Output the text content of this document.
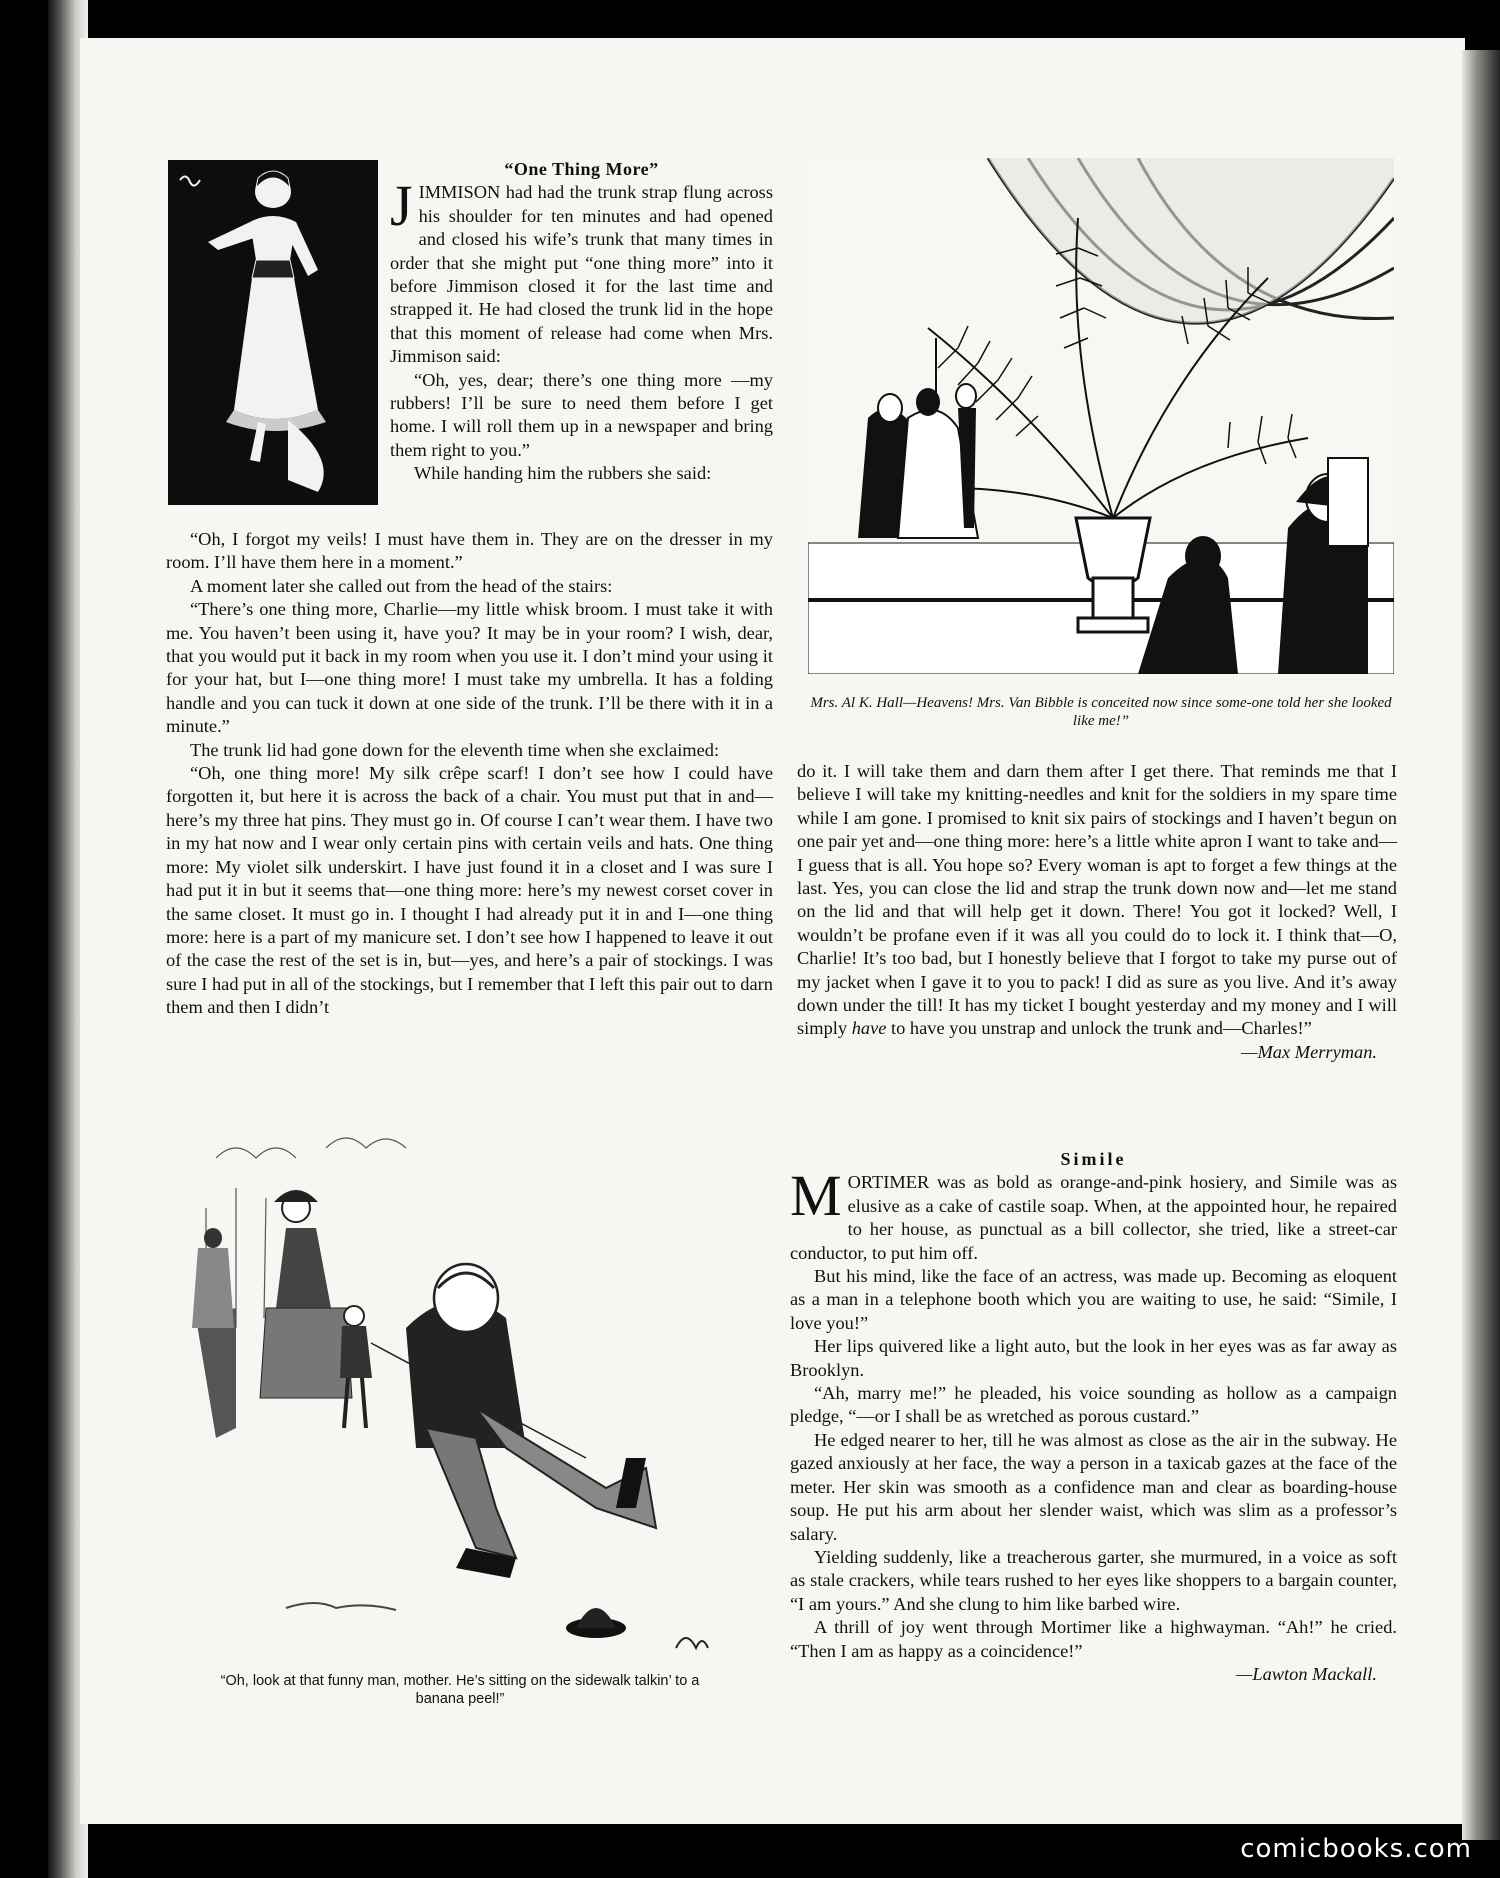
Mrs. Al K. Hall—Heavens! Mrs. Van Bibble is conceited now since some-one told her she looked like me!”
“One Thing More”

JIMMISON had had the trunk strap flung across his shoulder for ten minutes and had opened and closed his wife’s trunk that many times in order that she might put “one thing more” into it before Jimmison closed it for the last time and strapped it. He had closed the trunk lid in the hope that this moment of release had come when Mrs. Jimmison said:

“Oh, yes, dear; there’s one thing more —my rubbers! I’ll be sure to need them before I get home. I will roll them up in a newspaper and bring them right to you.”

While handing him the rubbers she said:

“Oh, I forgot my veils! I must have them in. They are on the dresser in my room. I’ll have them here in a moment.”

A moment later she called out from the head of the stairs:

“There’s one thing more, Charlie—my little whisk broom. I must take it with me. You haven’t been using it, have you? It may be in your room? I wish, dear, that you would put it back in my room when you use it. I don’t mind your using it for your hat, but I—one thing more! I must take my umbrella. It has a folding handle and you can tuck it down at one side of the trunk. I’ll be there with it in a minute.”

The trunk lid had gone down for the eleventh time when she exclaimed:

“Oh, one thing more! My silk crêpe scarf! I don’t see how I could have forgotten it, but here it is across the back of a chair. You must put that in and—here’s my three hat pins. They must go in. Of course I can’t wear them. I have two in my hat now and I wear only certain pins with certain veils and hats. One thing more: My violet silk underskirt. I have just found it in a closet and I was sure I had put it in but it seems that—one thing more: here’s my newest corset cover in the same closet. It must go in. I thought I had already put it in and I—one thing more: here is a part of my manicure set. I don’t see how I happened to leave it out of the case the rest of the set is in, but—yes, and here’s a pair of stockings. I was sure I had put in all of the stockings, but I remember that I left this pair out to darn them and then I didn’t

do it. I will take them and darn them after I get there. That reminds me that I believe I will take my knitting-needles and knit for the soldiers in my spare time while I am gone. I promised to knit six pairs of stockings and I haven’t begun on one pair yet and—one thing more: here’s a little white apron I want to take and—I guess that is all. You hope so? Every woman is apt to forget a few things at the last. Yes, you can close the lid and strap the trunk down now and—let me stand on the lid and that will help get it down. There! You got it locked? Well, I wouldn’t be profane even if it was all you could do to lock it. I think that—O, Charlie! It’s too bad, but I honestly believe that I forgot to take my purse out of my jacket when I gave it to you to pack! I did as sure as you live. And it’s away down under the till! It has my ticket I bought yesterday and my money and I will simply have to have you unstrap and unlock the trunk and—Charles!”

—Max Merryman.
“Oh, look at that funny man, mother. He’s sitting on the sidewalk talkin’ to a banana peel!”
Simile

MORTIMER was as bold as orange-and-pink hosiery, and Simile was as elusive as a cake of castile soap. When, at the appointed hour, he repaired to her house, as punctual as a bill collector, she tried, like a street-car conductor, to put him off.

But his mind, like the face of an actress, was made up. Becoming as eloquent as a man in a telephone booth which you are waiting to use, he said: “Simile, I love you!”

Her lips quivered like a light auto, but the look in her eyes was as far away as Brooklyn.

“Ah, marry me!” he pleaded, his voice sounding as hollow as a campaign pledge, “—or I shall be as wretched as porous custard.”

He edged nearer to her, till he was almost as close as the air in the subway. He gazed anxiously at her face, the way a person in a taxicab gazes at the face of the meter. Her skin was smooth as a confidence man and clear as boarding-house soup. He put his arm about her slender waist, which was slim as a professor’s salary.

Yielding suddenly, like a treacherous garter, she murmured, in a voice as soft as stale crackers, while tears rushed to her eyes like shoppers to a bargain counter, “I am yours.” And she clung to him like barbed wire.

A thrill of joy went through Mortimer like a highwayman. “Ah!” he cried. “Then I am as happy as a coincidence!”

—Lawton Mackall.
comicbooks.com
